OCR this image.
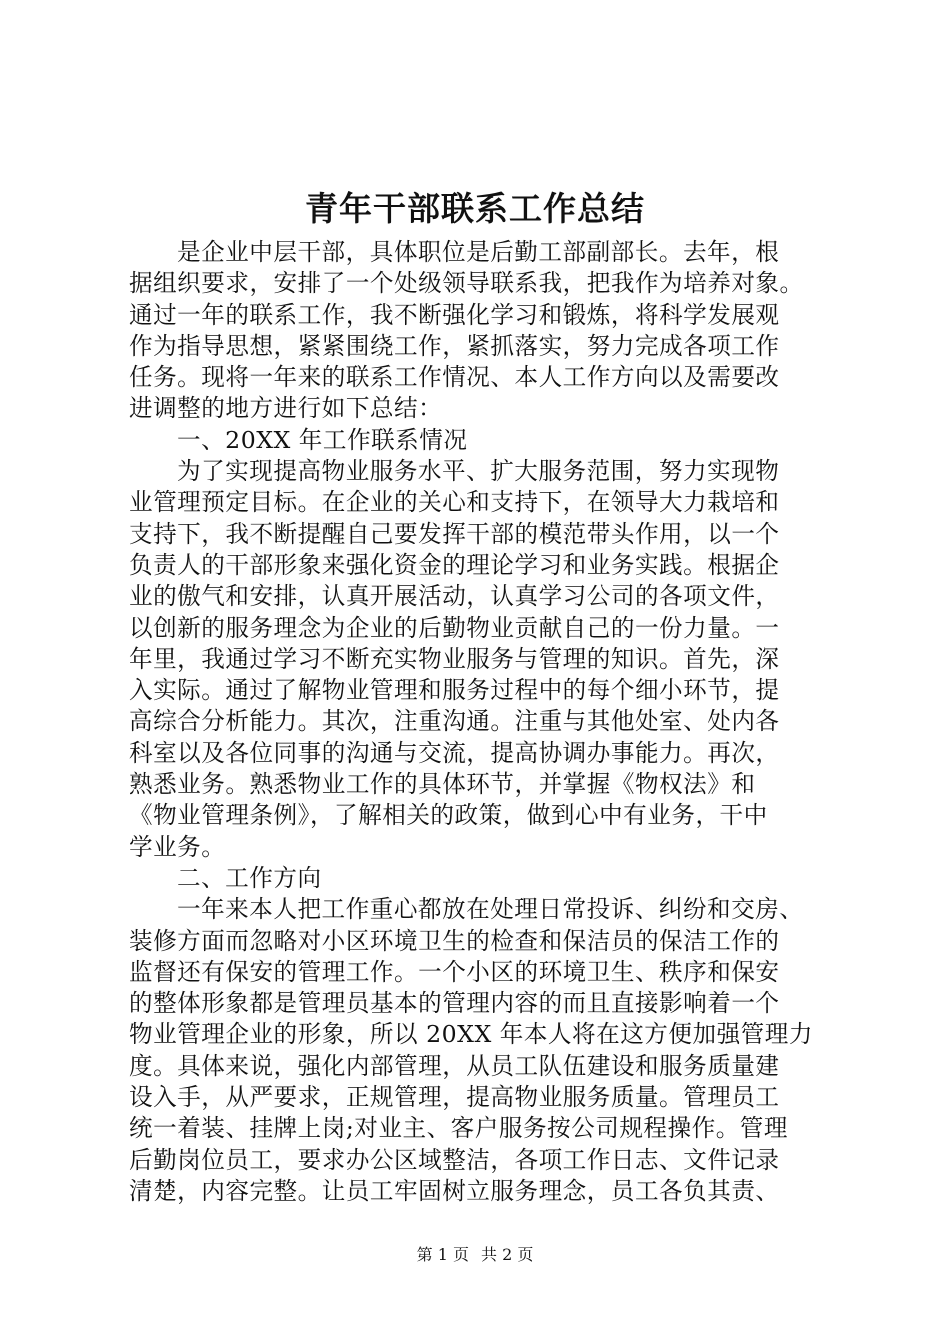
青年干部联系工作总结
是企业中层干部，具体职位是后勤工部副部长。去年，根
据组织要求，安排了一个处级领导联系我，把我作为培养对象。
通过一年的联系工作，我不断强化学习和锻炼，将科学发展观
作为指导思想，紧紧围绕工作，紧抓落实，努力完成各项工作
任务。现将一年来的联系工作情况、本人工作方向以及需要改
进调整的地方进行如下总结：
一、20XX 年工作联系情况
为了实现提高物业服务水平、扩大服务范围，努力实现物
业管理预定目标。在企业的关心和支持下，在领导大力栽培和
支持下，我不断提醒自己要发挥干部的模范带头作用，以一个
负责人的干部形象来强化资金的理论学习和业务实践。根据企
业的傲气和安排，认真开展活动，认真学习公司的各项文件，
以创新的服务理念为企业的后勤物业贡献自己的一份力量。一
年里，我通过学习不断充实物业服务与管理的知识。首先，深
入实际。通过了解物业管理和服务过程中的每个细小环节，提
高综合分析能力。其次，注重沟通。注重与其他处室、处内各
科室以及各位同事的沟通与交流，提高协调办事能力。再次，
熟悉业务。熟悉物业工作的具体环节，并掌握《物权法》和
《物业管理条例》，了解相关的政策，做到心中有业务，干中
学业务。
二、工作方向
一年来本人把工作重心都放在处理日常投诉、纠纷和交房、
装修方面而忽略对小区环境卫生的检查和保洁员的保洁工作的
监督还有保安的管理工作。一个小区的环境卫生、秩序和保安
的整体形象都是管理员基本的管理内容的而且直接影响着一个
物业管理企业的形象，所以 20XX 年本人将在这方便加强管理力
度。具体来说，强化内部管理，从员工队伍建设和服务质量建
设入手，从严要求，正规管理，提高物业服务质量。管理员工
统一着装、挂牌上岗;对业主、客户服务按公司规程操作。管理
后勤岗位员工，要求办公区域整洁，各项工作日志、文件记录
清楚，内容完整。让员工牢固树立服务理念，员工各负其责、
第 1 页 共 2 页
